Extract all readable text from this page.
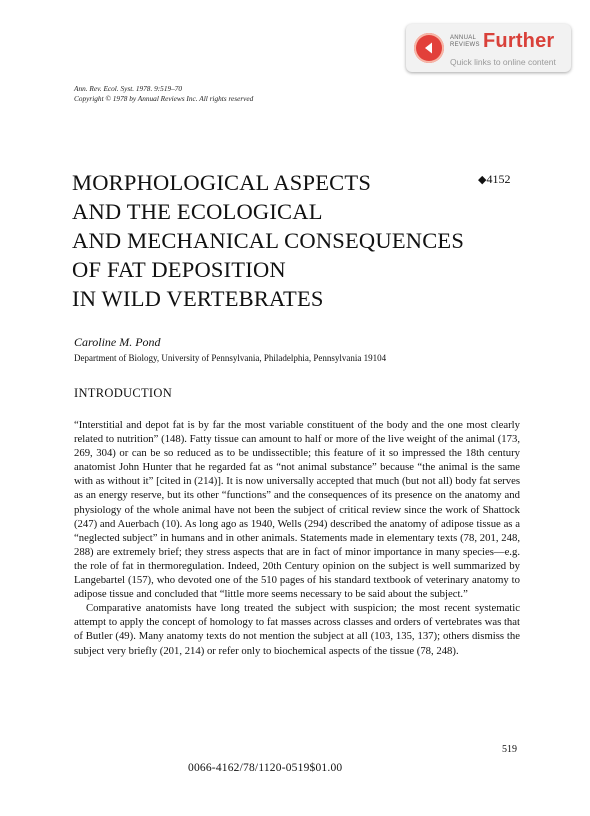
ANNUAL
REVIEWS Further
Quick links to online content
Ann. Rev. Ecol. Syst. 1978. 9:519–70
Copyright © 1978 by Annual Reviews Inc. All rights reserved
MORPHOLOGICAL ASPECTS
AND THE ECOLOGICAL
AND MECHANICAL CONSEQUENCES
OF FAT DEPOSITION
IN WILD VERTEBRATES
◆4152
Caroline M. Pond
Department of Biology, University of Pennsylvania, Philadelphia, Pennsylvania 19104
INTRODUCTION

“Interstitial and depot fat is by far the most variable constituent of the body and the one most clearly related to nutrition” (148). Fatty tissue can amount to half or more of the live weight of the animal (173, 269, 304) or can be so reduced as to be undissectible; this feature of it so impressed the 18th century anatomist John Hunter that he regarded fat as “not animal substance” because “the animal is the same with as without it” [cited in (214)]. It is now universally accepted that much (but not all) body fat serves as an energy reserve, but its other “functions” and the consequences of its presence on the anatomy and physiology of the whole animal have not been the subject of critical review since the work of Shattock (247) and Auerbach (10). As long ago as 1940, Wells (294) described the anatomy of adipose tissue as a “neglected subject” in humans and in other animals. Statements made in elementary texts (78, 201, 248, 288) are extremely brief; they stress aspects that are in fact of minor importance in many species—e.g. the role of fat in thermoregulation. Indeed, 20th Century opinion on the subject is well summarized by Langebartel (157), who devoted one of the 510 pages of his standard textbook of veterinary anatomy to adipose tissue and concluded that “little more seems necessary to be said about the subject.”

Comparative anatomists have long treated the subject with suspicion; the most recent systematic attempt to apply the concept of homology to fat masses across classes and orders of vertebrates was that of Butler (49). Many anatomy texts do not mention the subject at all (103, 135, 137); others dismiss the subject very briefly (201, 214) or refer only to biochemical aspects of the tissue (78, 248).

519
0066-4162/78/1120-0519$01.00
